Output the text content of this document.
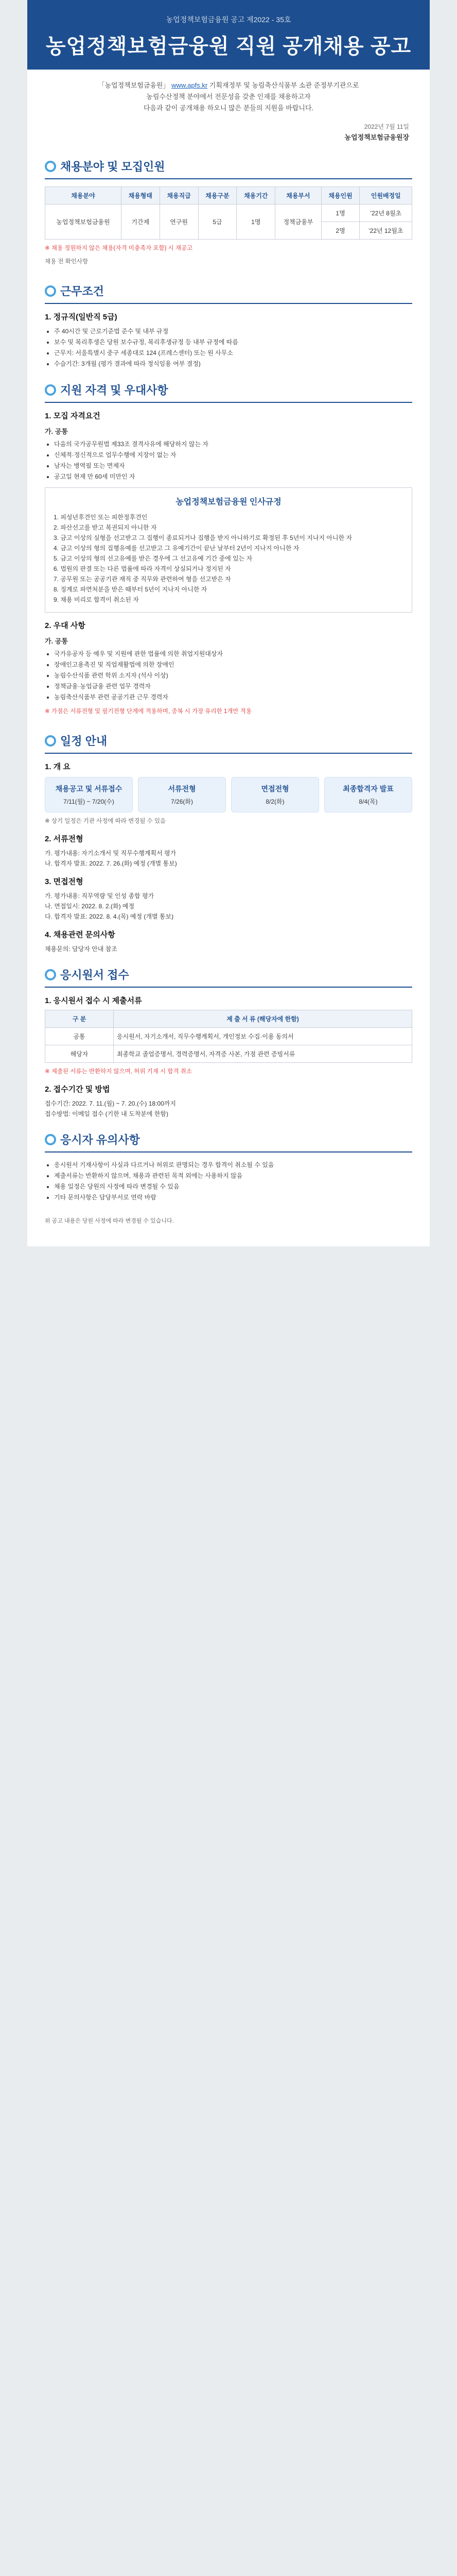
농업정책보험금융원 공고 제2022 - 35호
농업정책보험금융원 직원 공개채용 공고
「농업정책보험금융원」 www.apfs.kr 기획재정부 및 농림축산식품부 소관 준정부기관으로
농림수산정책 분야에서 전문성을 갖춘 인재를 채용하고자
다음과 같이 공개채용 하오니 많은 분들의 지원을 바랍니다.
2022년 7월 11일
농업정책보험금융원장
채용분야 및 모집인원
채용분야	채용형태	채용직급	채용구분	채용기간	채용부서	채용인원	인원배정일
농업정책보험금융원	기간제	연구원	5급	1명	정책금융부	1명	’22년 8월초
						2명	’22년 12월초
※ 채용 정원하지 않은 채용(자격 미충족자 포함) 시 재공고
채용 전 확인사항
근무조건
1. 정규직(일반직 5급)
• 주 40시간 및 근로기준법 준수 및 내부 규정
• 보수 및 복리후생은 당원 보수규정, 복리후생규정 등 내부 규정에 따름
• 근무지: 서울특별시 중구 세종대로 124 (프레스센터) 또는 원 사무소
• 수습기간: 3개월 (평가 결과에 따라 정식임용 여부 결정)
지원 자격 및 우대사항
1. 모집 자격요건
가. 공통
• 다음의 국가공무원법 제33조 결격사유에 해당하지 않는 자
• 신체적·정신적으로 업무수행에 지장이 없는 자
• 남자는 병역필 또는 면제자
• 공고일 현재 만 60세 미만인 자
농업정책보험금융원 인사규정
1. 피성년후견인 또는 피한정후견인
2. 파산선고를 받고 복권되지 아니한 자
3. 금고 이상의 실형을 선고받고 그 집행이 종료되거나 집행을 받지 아니하기로 확정된 후 5년이 지나지 아니한 자
4. 금고 이상의 형의 집행유예를 선고받고 그 유예기간이 끝난 날부터 2년이 지나지 아니한 자
5. 금고 이상의 형의 선고유예를 받은 경우에 그 선고유예 기간 중에 있는 자
6. 법원의 판결 또는 다른 법률에 따라 자격이 상실되거나 정지된 자
7. 공무원 또는 공공기관 재직 중 직무와 관련하여 형을 선고받은 자
8. 징계로 파면처분을 받은 때부터 5년이 지나지 아니한 자
9. 채용 비리로 합격이 취소된 자
2. 우대 사항
가. 공통
• 국가유공자 등 예우 및 지원에 관한 법률에 의한 취업지원대상자
• 장애인고용촉진 및 직업재활법에 의한 장애인
• 농림수산식품 관련 학위 소지자 (석사 이상)
• 정책금융·농업금융 관련 업무 경력자
• 농림축산식품부 관련 공공기관 근무 경력자
※ 가점은 서류전형 및 필기전형 단계에 적용하며, 중복 시 가장 유리한 1개만 적용
일정 안내
1. 개 요
채용공고 및 서류접수
7/11(월) ~ 7/20(수)
서류전형
7/26(화)
면접전형
8/2(화)
최종합격자 발표
8/4(목)
※ 상기 일정은 기관 사정에 따라 변경될 수 있음
2. 서류전형
가. 평가내용: 자기소개서 및 직무수행계획서 평가
나. 합격자 발표: 2022. 7. 26.(화) 예정 (개별 통보)
3. 면접전형
가. 평가내용: 직무역량 및 인성 종합 평가
나. 면접일시: 2022. 8. 2.(화) 예정
다. 합격자 발표: 2022. 8. 4.(목) 예정 (개별 통보)
4. 채용관련 문의사항
채용문의: 담당자 안내 참조
응시원서 접수
1. 응시원서 접수 시 제출서류
구 분	제 출 서 류 (해당자에 한함)
공통	응시원서, 자기소개서, 직무수행계획서, 개인정보 수집·이용 동의서
해당자	최종학교 졸업증명서, 경력증명서, 자격증 사본, 가점 관련 증빙서류
※ 제출된 서류는 반환하지 않으며, 허위 기재 시 합격 취소
2. 접수기간 및 방법
접수기간: 2022. 7. 11.(월) ~ 7. 20.(수) 18:00까지
접수방법: 이메일 접수 (기한 내 도착분에 한함)
응시자 유의사항
• 응시원서 기재사항이 사실과 다르거나 허위로 판명되는 경우 합격이 취소될 수 있음
• 제출서류는 반환하지 않으며, 채용과 관련된 목적 외에는 사용하지 않음
• 채용 일정은 당원의 사정에 따라 변경될 수 있음
• 기타 문의사항은 담당부서로 연락 바람
위 공고 내용은 당원 사정에 따라 변경될 수 있습니다.
